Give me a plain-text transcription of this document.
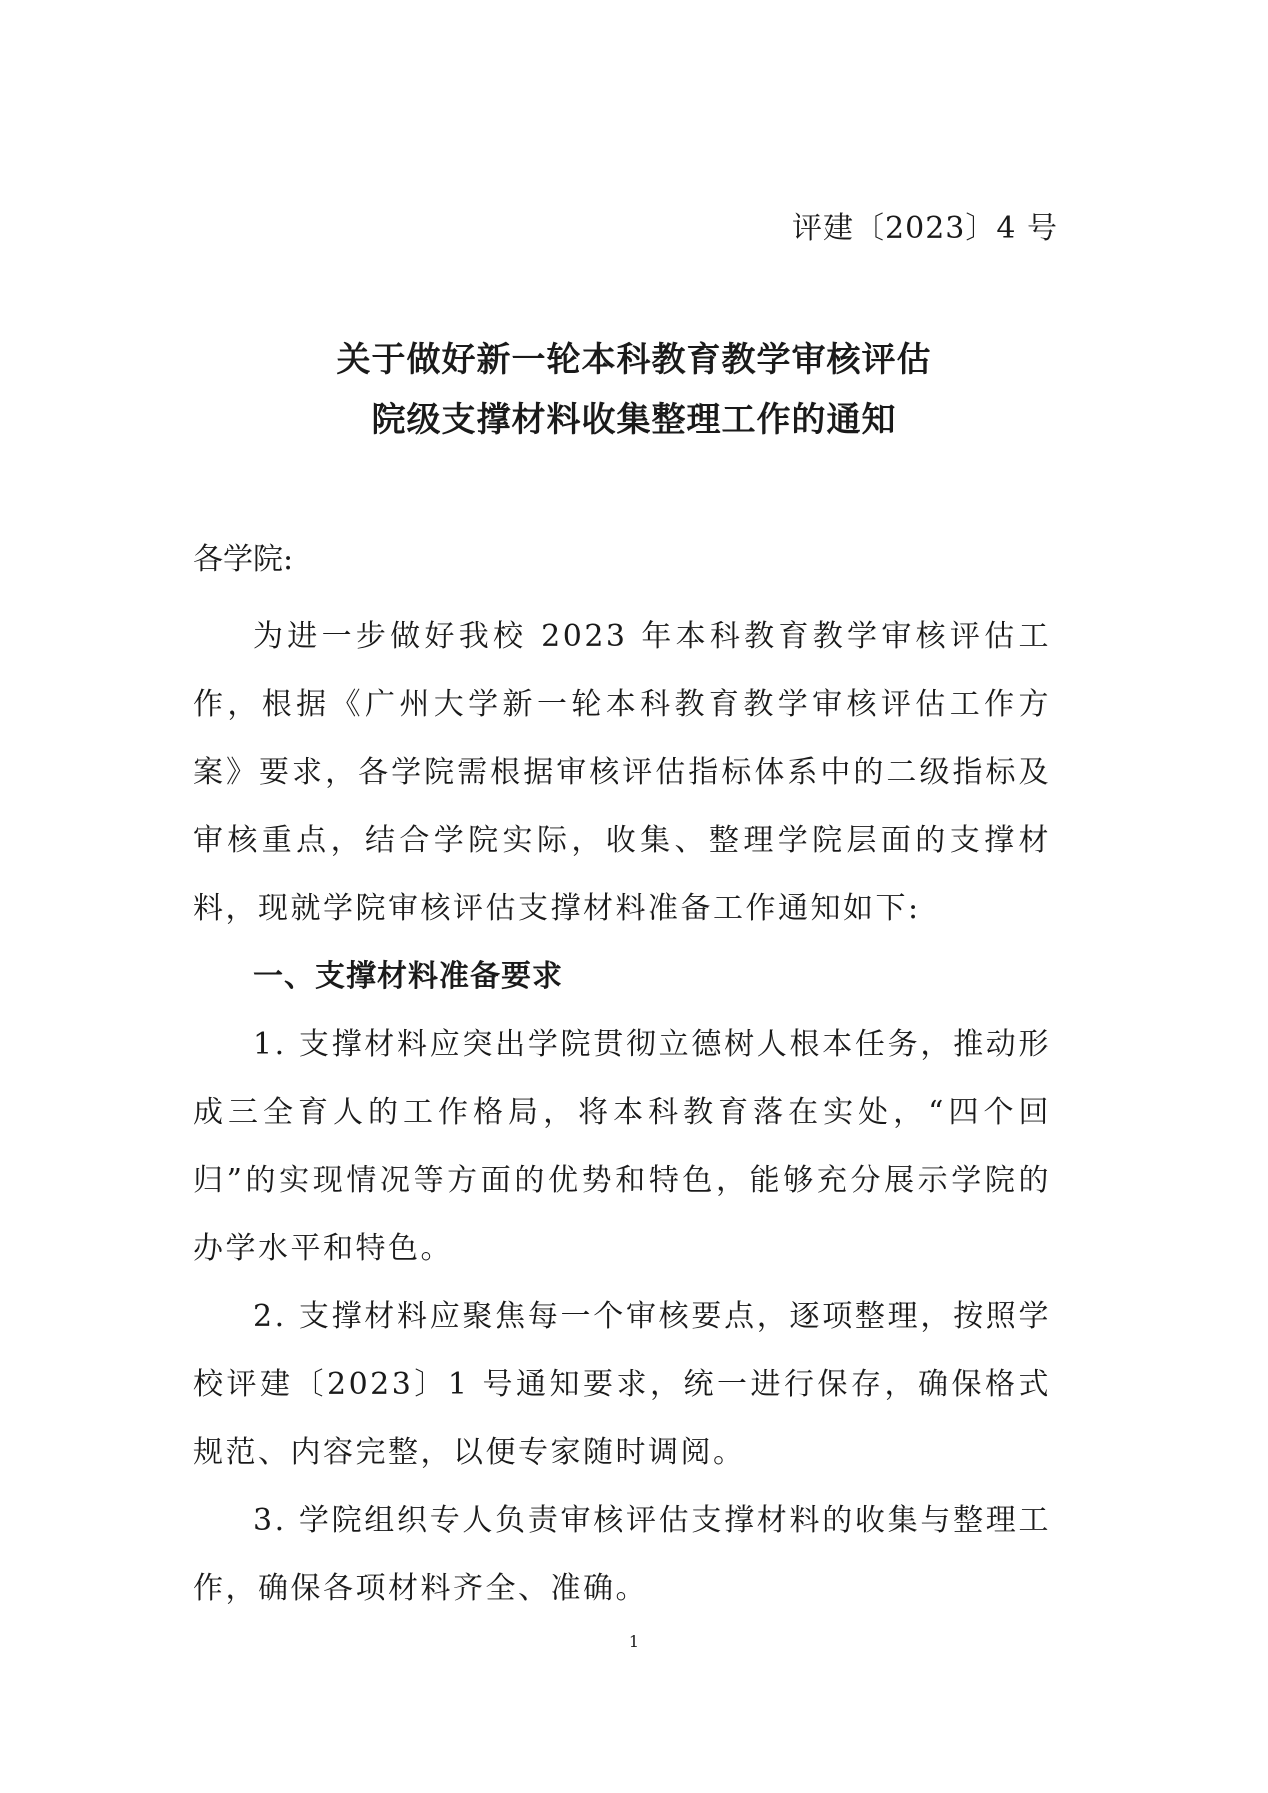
评建〔2023〕4 号
关于做好新一轮本科教育教学审核评估
院级支撑材料收集整理工作的通知
各学院:

为进一步做好我校 2023 年本科教育教学审核评估工作，根据《广州大学新一轮本科教育教学审核评估工作方案》要求，各学院需根据审核评估指标体系中的二级指标及审核重点，结合学院实际，收集、整理学院层面的支撑材料，现就学院审核评估支撑材料准备工作通知如下:

一、支撑材料准备要求

1. 支撑材料应突出学院贯彻立德树人根本任务，推动形成三全育人的工作格局，将本科教育落在实处，“四个回归”的实现情况等方面的优势和特色，能够充分展示学院的办学水平和特色。

2. 支撑材料应聚焦每一个审核要点，逐项整理，按照学校评建〔2023〕1 号通知要求，统一进行保存，确保格式规范、内容完整，以便专家随时调阅。

3. 学院组织专人负责审核评估支撑材料的收集与整理工作，确保各项材料齐全、准确。

1
